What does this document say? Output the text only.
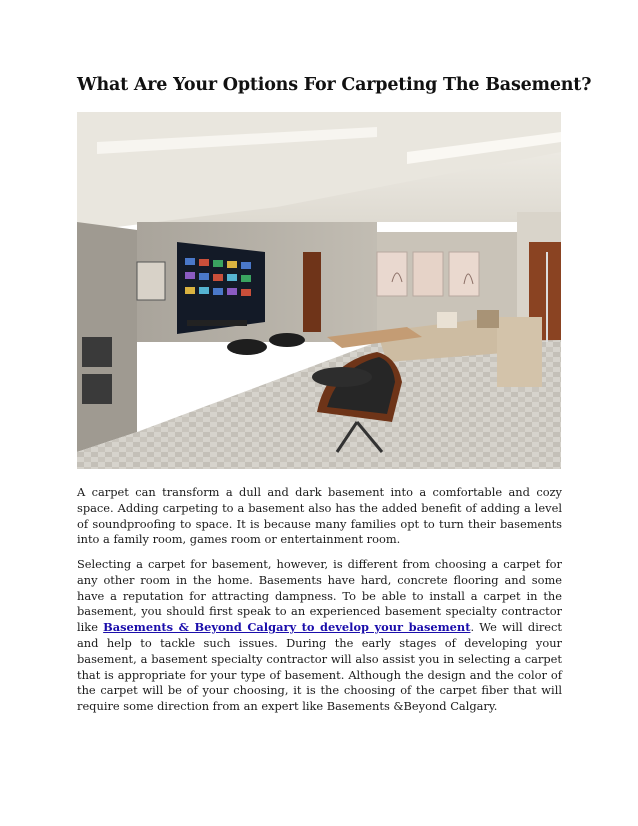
What Are Your Options For Carpeting The Basement?

A carpet can transform a dull and dark basement into a comfortable and cozy space. Adding carpeting to a basement also has the added benefit of adding a level of soundproofing to space. It is because many families opt to turn their basements into a family room, games room or entertainment room.

Selecting a carpet for basement, however, is different from choosing a carpet for any other room in the home. Basements have hard, concrete flooring and some have a reputation for attracting dampness. To be able to install a carpet in the basement, you should first speak to an experienced basement specialty contractor like Basements & Beyond Calgary to develop your basement. We will direct and help to tackle such issues. During the early stages of developing your basement, a basement specialty contractor will also assist you in selecting a carpet that is appropriate for your type of basement. Although the design and the color of the carpet will be of your choosing, it is the choosing of the carpet fiber that will require some direction from an expert like Basements &Beyond Calgary.
